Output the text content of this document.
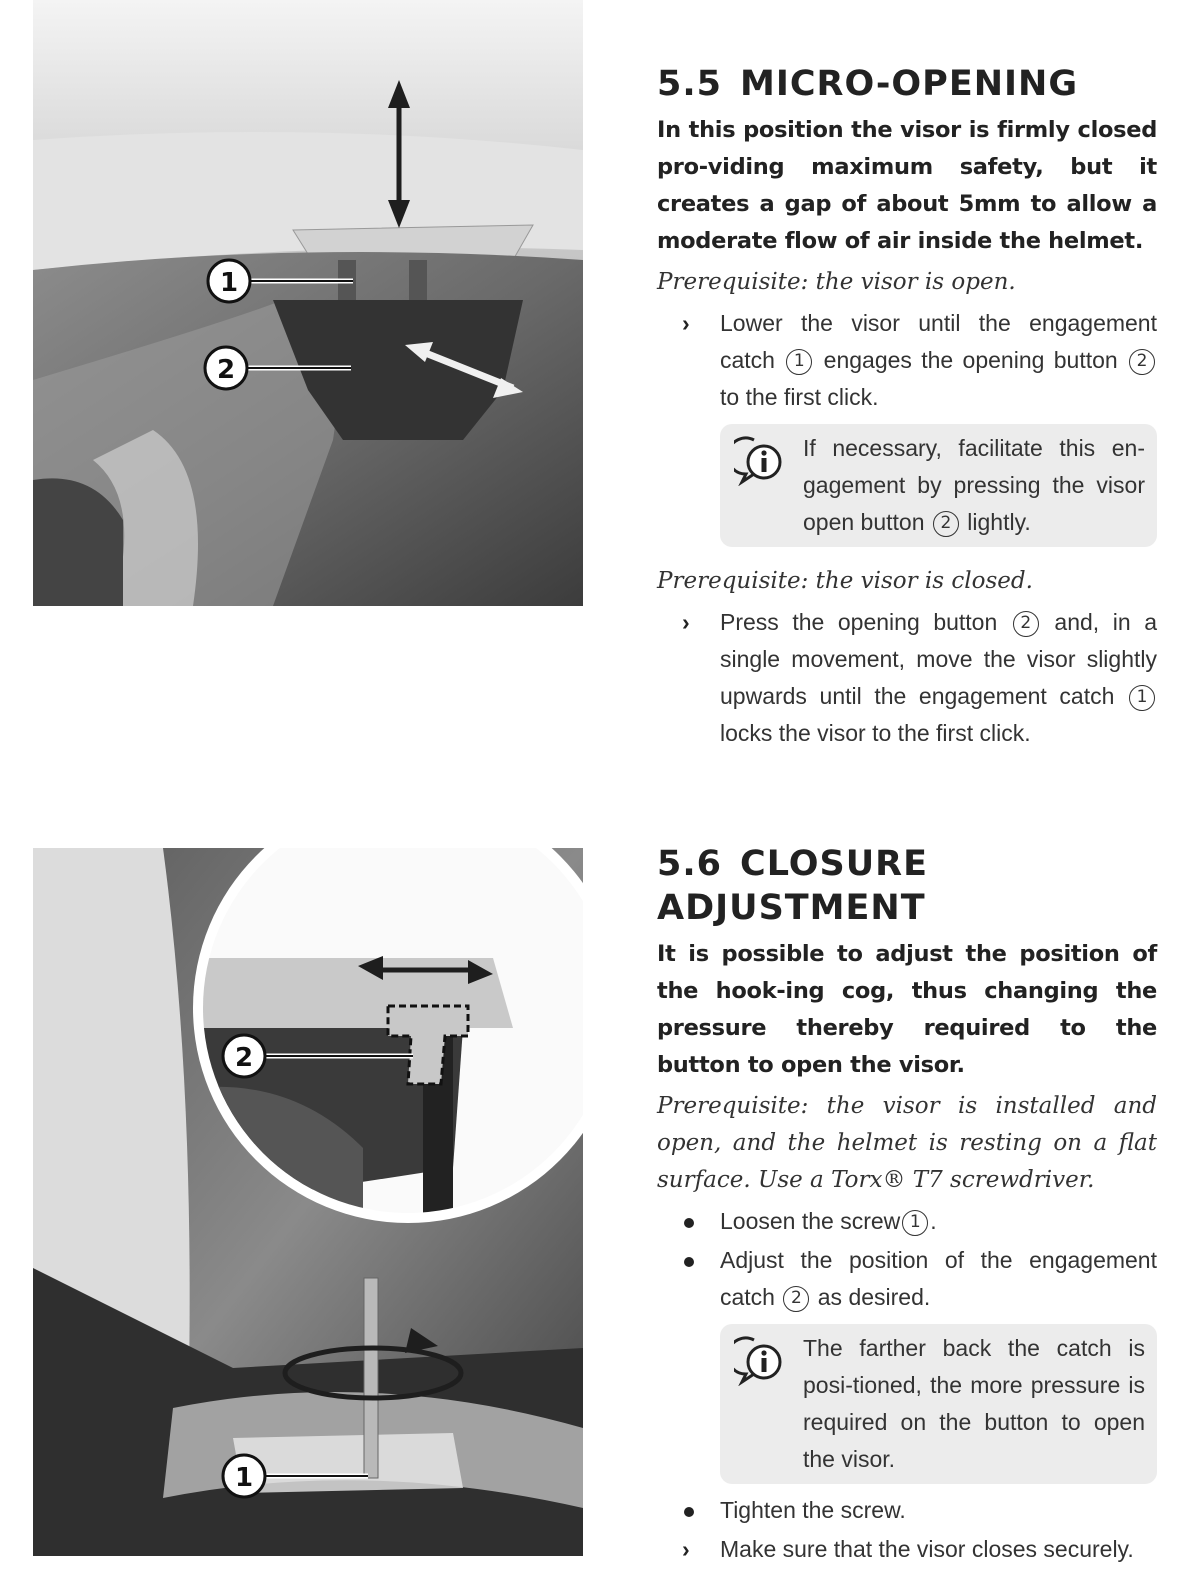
1
2
2
1
5.5 MICRO-OPENING

In this position the visor is firmly closed pro-viding maximum safety, but it creates a gap of about 5mm to allow a moderate flow of air inside the helmet.

Prerequisite: the visor is open.

› Lower the visor until the engagement catch 1 engages the opening button 2 to the first click.
If necessary, facilitate this en-gagement by pressing the visor open button 2 lightly.

Prerequisite: the visor is closed.

› Press the opening button 2 and, in a single movement, move the visor slightly upwards until the engagement catch 1 locks the visor to the first click.
5.6 CLOSURE ADJUSTMENT

It is possible to adjust the position of the hook-ing cog, thus changing the pressure thereby required to the button to open the visor.

Prerequisite: the visor is installed and open, and the helmet is resting on a flat surface. Use a Torx® T7 screwdriver.

Loosen the screw 1 .
Adjust the position of the engagement catch 2 as desired.
The farther back the catch is posi-tioned, the more pressure is required on the button to open the visor.
Tighten the screw.
› Make sure that the visor closes securely.
